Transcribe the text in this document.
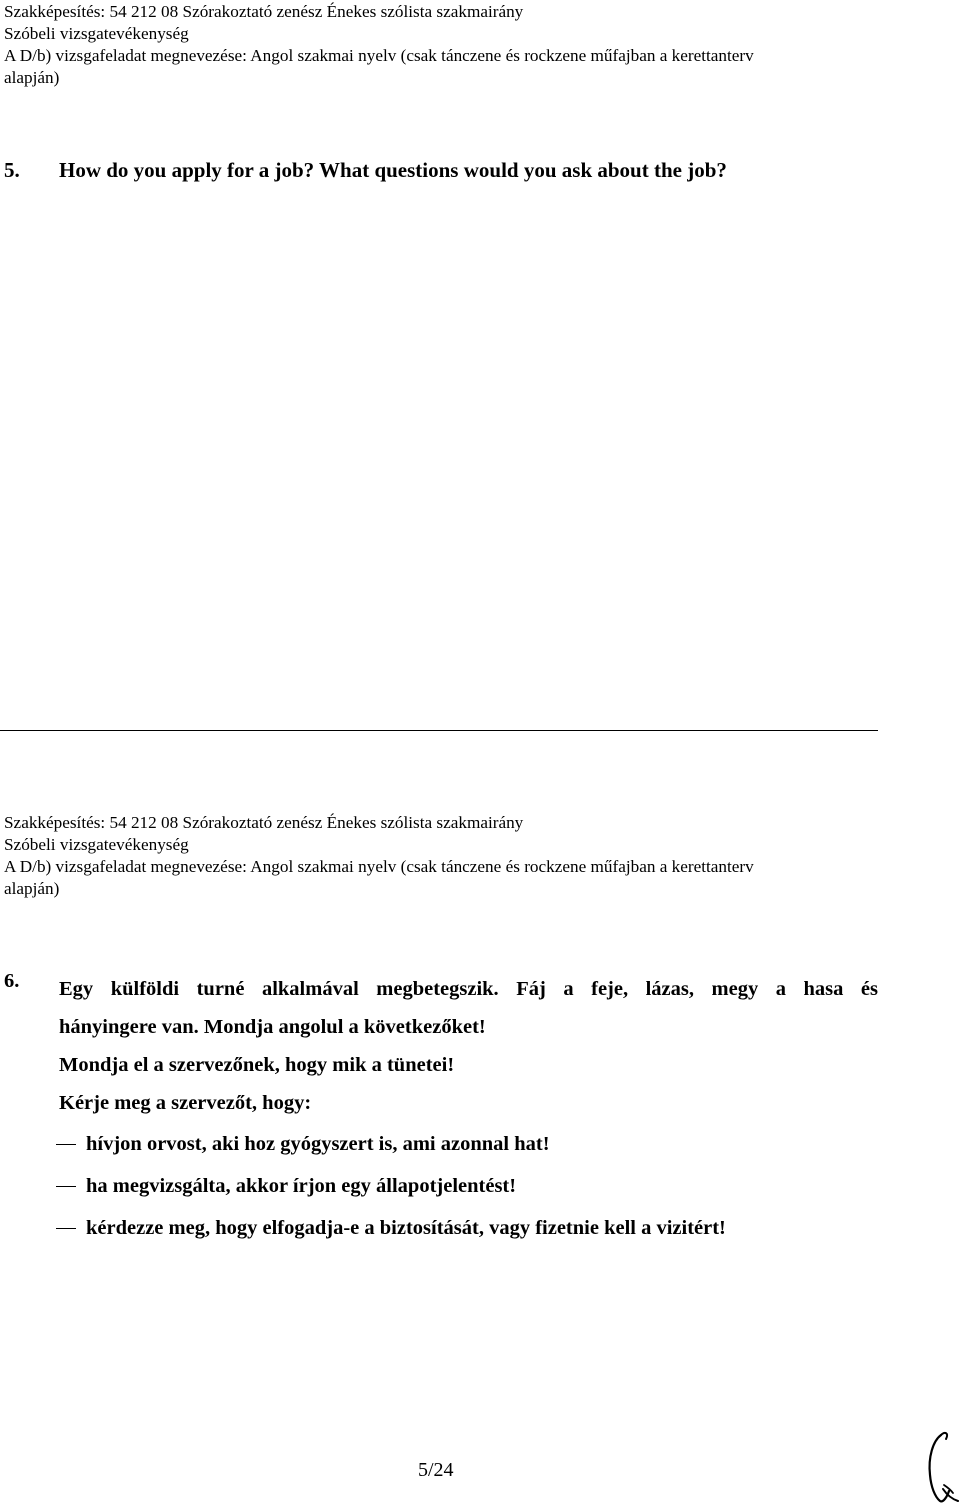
Szakképesítés: 54 212 08 Szórakoztató zenész Énekes szólista szakmairány

Szóbeli vizsgatevékenység

A D/b) vizsgafeladat megnevezése: Angol szakmai nyelv (csak tánczene és rockzene műfajban a kerettanterv

alapján)

5. How do you apply for a job? What questions would you ask about the job?

Szakképesítés: 54 212 08 Szórakoztató zenész Énekes szólista szakmairány

Szóbeli vizsgatevékenység

A D/b) vizsgafeladat megnevezése: Angol szakmai nyelv (csak tánczene és rockzene műfajban a kerettanterv

alapján)

6. Egy külföldi turné alkalmával megbetegszik. Fáj a feje, lázas, megy a hasa és

hányingere van. Mondja angolul a következőket!

Mondja el a szervezőnek, hogy mik a tünetei!

Kérje meg a szervezőt, hogy:

hívjon orvost, aki hoz gyógyszert is, ami azonnal hat!
ha megvizsgálta, akkor írjon egy állapotjelentést!
kérdezze meg, hogy elfogadja-e a biztosítását, vagy fizetnie kell a vizitért!
5/24
